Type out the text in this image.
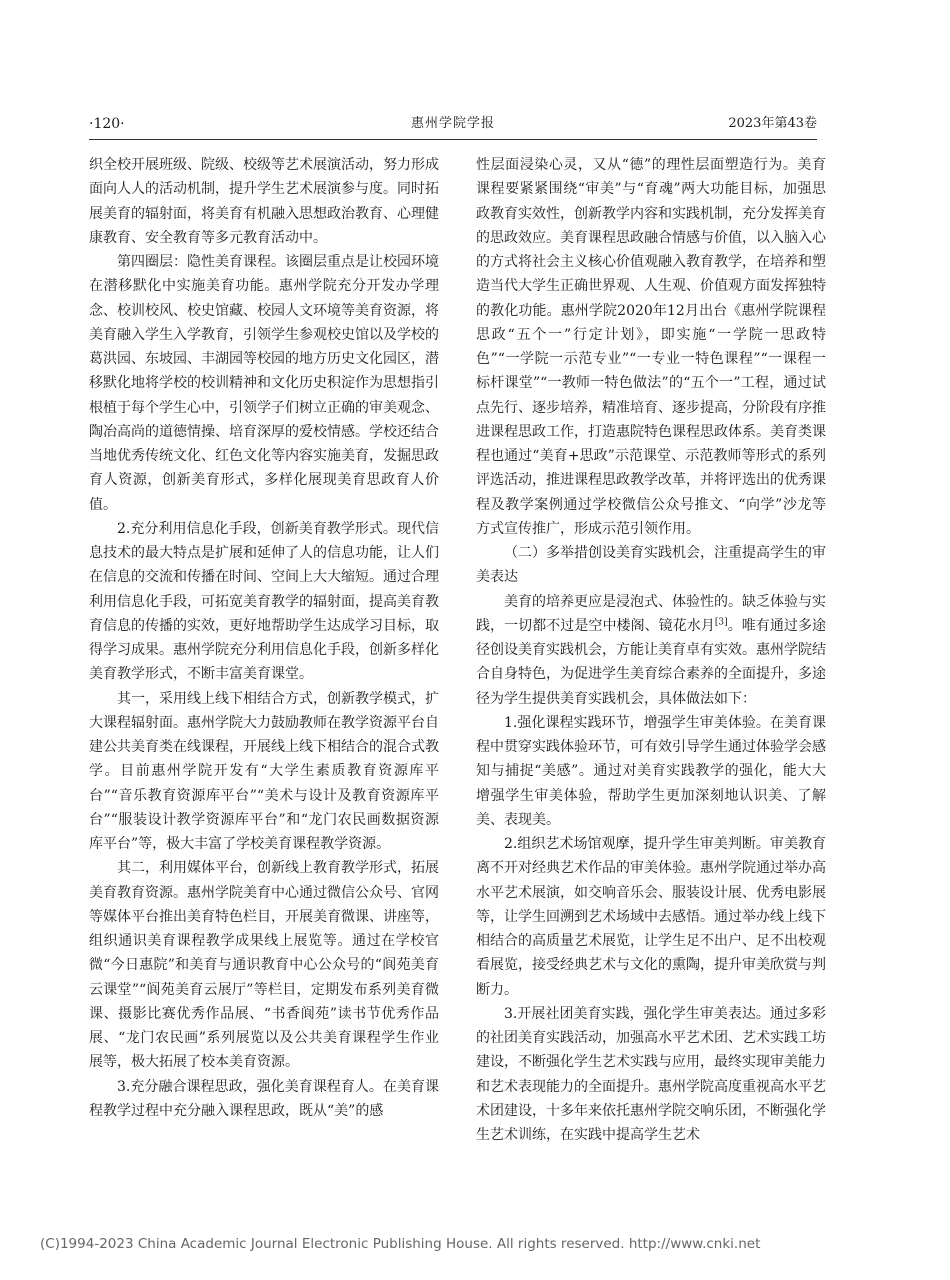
·120·	惠州学院学报	2023年第43卷

织全校开展班级、院级、校级等艺术展演活动，努力形成面向人人的活动机制，提升学生艺术展演参与度。同时拓展美育的辐射面，将美育有机融入思想政治教育、心理健康教育、安全教育等多元教育活动中。

第四圈层：隐性美育课程。该圈层重点是让校园环境在潜移默化中实施美育功能。惠州学院充分开发办学理念、校训校风、校史馆藏、校园人文环境等美育资源，将美育融入学生入学教育，引领学生参观校史馆以及学校的葛洪园、东坡园、丰湖园等校园的地方历史文化园区，潜移默化地将学校的校训精神和文化历史积淀作为思想指引根植于每个学生心中，引领学子们树立正确的审美观念、陶冶高尚的道德情操、培育深厚的爱校情感。学校还结合当地优秀传统文化、红色文化等内容实施美育，发掘思政育人资源，创新美育形式，多样化展现美育思政育人价值。

2.充分利用信息化手段，创新美育教学形式。现代信息技术的最大特点是扩展和延伸了人的信息功能，让人们在信息的交流和传播在时间、空间上大大缩短。通过合理利用信息化手段，可拓宽美育教学的辐射面，提高美育教育信息的传播的实效，更好地帮助学生达成学习目标，取得学习成果。惠州学院充分利用信息化手段，创新多样化美育教学形式，不断丰富美育课堂。

其一，采用线上线下相结合方式，创新教学模式，扩大课程辐射面。惠州学院大力鼓励教师在教学资源平台自建公共美育类在线课程，开展线上线下相结合的混合式教学。目前惠州学院开发有“大学生素质教育资源库平台”“音乐教育资源库平台”“美术与设计及教育资源库平台”“服装设计教学资源库平台”和“龙门农民画数据资源库平台”等，极大丰富了学校美育课程教学资源。

其二，利用媒体平台，创新线上教育教学形式，拓展美育教育资源。惠州学院美育中心通过微信公众号、官网等媒体平台推出美育特色栏目，开展美育微课、讲座等，组织通识美育课程教学成果线上展览等。通过在学校官微“今日惠院”和美育与通识教育中心公众号的“阆苑美育云课堂”“阆苑美育云展厅”等栏目，定期发布系列美育微课、摄影比赛优秀作品展、“书香阆苑”读书节优秀作品展、“龙门农民画”系列展览以及公共美育课程学生作业展等，极大拓展了校本美育资源。

3.充分融合课程思政，强化美育课程育人。在美育课程教学过程中充分融入课程思政，既从“美”的感

性层面浸染心灵，又从“德”的理性层面塑造行为。美育课程要紧紧围绕“审美”与“育魂”两大功能目标，加强思政教育实效性，创新教学内容和实践机制，充分发挥美育的思政效应。美育课程思政融合情感与价值，以入脑入心的方式将社会主义核心价值观融入教育教学，在培养和塑造当代大学生正确世界观、人生观、价值观方面发挥独特的教化功能。惠州学院2020年12月出台《惠州学院课程思政“五个一”行定计划》，即实施“一学院一思政特色”“一学院一示范专业”“一专业一特色课程”“一课程一标杆课堂”“一教师一特色做法”的“五个一”工程，通过试点先行、逐步培养，精准培育、逐步提高，分阶段有序推进课程思政工作，打造惠院特色课程思政体系。美育类课程也通过“美育+思政”示范课堂、示范教师等形式的系列评选活动，推进课程思政教学改革，并将评选出的优秀课程及教学案例通过学校微信公众号推文、“向学”沙龙等方式宣传推广，形成示范引领作用。

（二）多举措创设美育实践机会，注重提高学生的审美表达

美育的培养更应是浸泡式、体验性的。缺乏体验与实践，一切都不过是空中楼阁、镜花水月[3]。唯有通过多途径创设美育实践机会，方能让美育卓有实效。惠州学院结合自身特色，为促进学生美育综合素养的全面提升，多途径为学生提供美育实践机会，具体做法如下：

1.强化课程实践环节，增强学生审美体验。在美育课程中贯穿实践体验环节，可有效引导学生通过体验学会感知与捕捉“美感”。通过对美育实践教学的强化，能大大增强学生审美体验，帮助学生更加深刻地认识美、了解美、表现美。

2.组织艺术场馆观摩，提升学生审美判断。审美教育离不开对经典艺术作品的审美体验。惠州学院通过举办高水平艺术展演，如交响音乐会、服装设计展、优秀电影展等，让学生回溯到艺术场域中去感悟。通过举办线上线下相结合的高质量艺术展览，让学生足不出户、足不出校观看展览，接受经典艺术与文化的熏陶，提升审美欣赏与判断力。

3.开展社团美育实践，强化学生审美表达。通过多彩的社团美育实践活动，加强高水平艺术团、艺术实践工坊建设，不断强化学生艺术实践与应用，最终实现审美能力和艺术表现能力的全面提升。惠州学院高度重视高水平艺术团建设，十多年来依托惠州学院交响乐团，不断强化学生艺术训练，在实践中提高学生艺术

(C)1994-2023 China Academic Journal Electronic Publishing House. All rights reserved. http://www.cnki.net
